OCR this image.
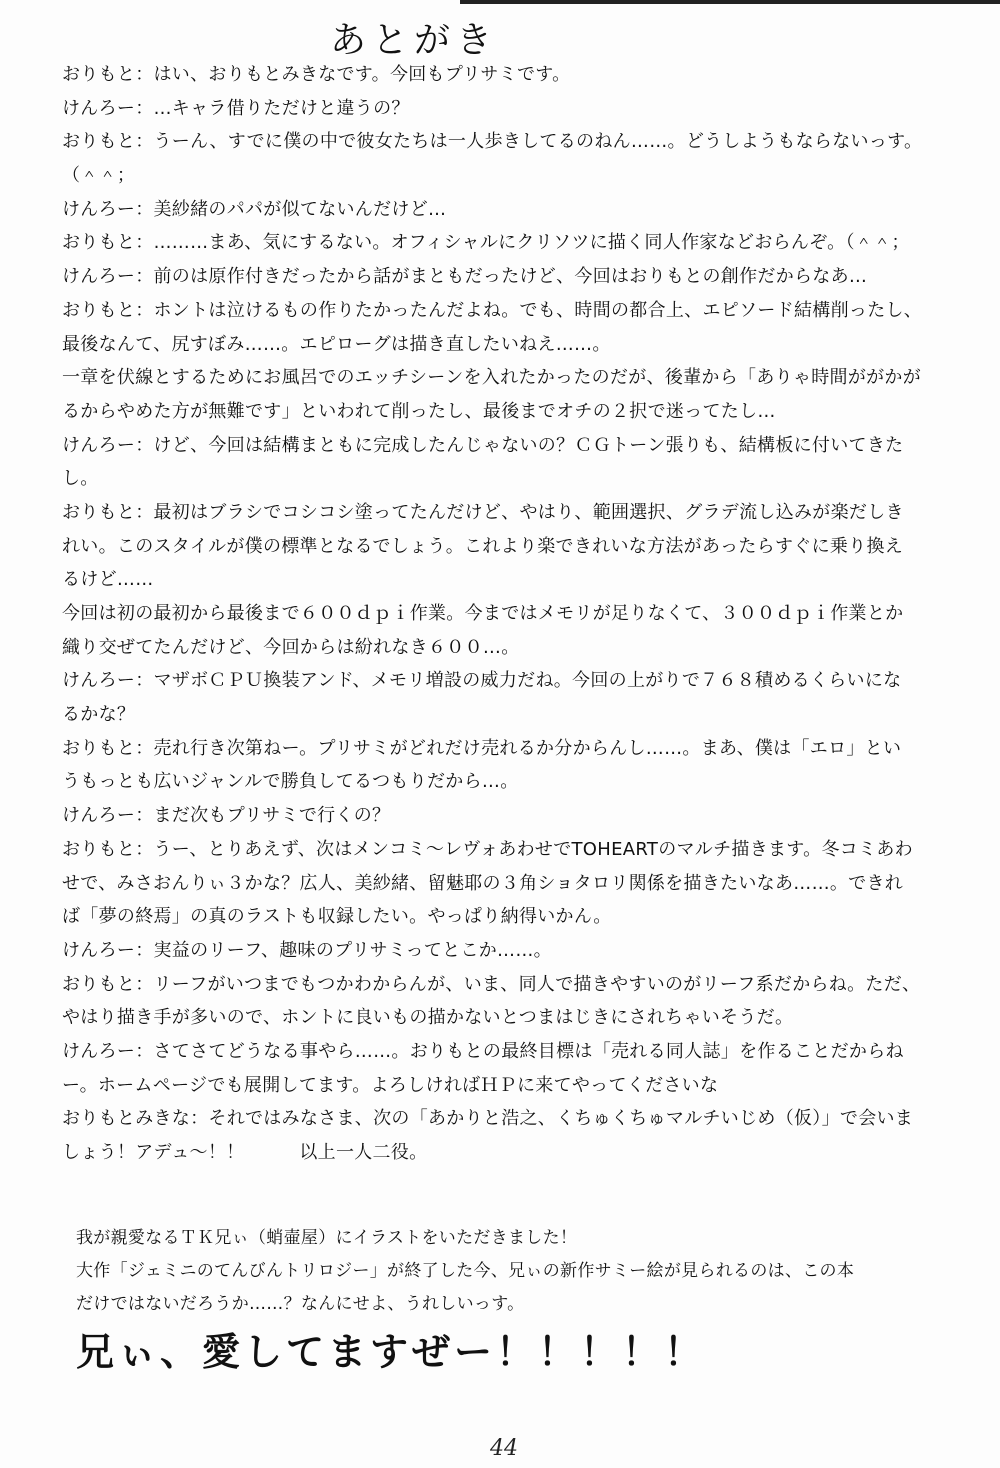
あとがき
おりもと：はい、おりもとみきなです。今回もプリサミです。
けんろー：…キャラ借りただけと違うの？
おりもと：うーん、すでに僕の中で彼女たちは一人歩きしてるのねん……。どうしようもならないっす。
（＾＾；
けんろー：美紗緒のパパが似てないんだけど…
おりもと：………まあ、気にするない。オフィシャルにクリソツに描く同人作家などおらんぞ。（＾＾；
けんろー：前のは原作付きだったから話がまともだったけど、今回はおりもとの創作だからなあ…
おりもと：ホントは泣けるもの作りたかったんだよね。でも、時間の都合上、エピソード結構削ったし、
最後なんて、尻すぼみ……。エピローグは描き直したいねえ……。
一章を伏線とするためにお風呂でのエッチシーンを入れたかったのだが、後輩から「ありゃ時間ががかが
るからやめた方が無難です」といわれて削ったし、最後までオチの２択で迷ってたし…
けんろー：けど、今回は結構まともに完成したんじゃないの？ＣＧトーン張りも、結構板に付いてきた
し。
おりもと：最初はブラシでコシコシ塗ってたんだけど、やはり、範囲選択、グラデ流し込みが楽だしき
れい。このスタイルが僕の標準となるでしょう。これより楽できれいな方法があったらすぐに乗り換え
るけど……
今回は初の最初から最後まで６００ｄｐｉ作業。今まではメモリが足りなくて、３００ｄｐｉ作業とか
織り交ぜてたんだけど、今回からは紛れなき６００…。
けんろー：マザボＣＰＵ換装アンド、メモリ増設の威力だね。今回の上がりで７６８積めるくらいにな
るかな？
おりもと：売れ行き次第ねー。プリサミがどれだけ売れるか分からんし……。まあ、僕は「エロ」とい
うもっとも広いジャンルで勝負してるつもりだから…。
けんろー：まだ次もプリサミで行くの？
おりもと：うー、とりあえず、次はメンコミ～レヴォあわせでTOHEARTのマルチ描きます。冬コミあわ
せで、みさおんりぃ３かな？広人、美紗緒、留魅耶の３角ショタロリ関係を描きたいなあ……。できれ
ば「夢の終焉」の真のラストも収録したい。やっぱり納得いかん。
けんろー：実益のリーフ、趣味のプリサミってとこか……。
おりもと：リーフがいつまでもつかわからんが、いま、同人で描きやすいのがリーフ系だからね。ただ、
やはり描き手が多いので、ホントに良いもの描かないとつまはじきにされちゃいそうだ。
けんろー：さてさてどうなる事やら……。おりもとの最終目標は「売れる同人誌」を作ることだからね
ー。ホームページでも展開してます。よろしければＨＰに来てやってくださいな
おりもとみきな：それではみなさま、次の「あかりと浩之、くちゅくちゅマルチいじめ（仮）」で会いま
しょう！アデュ～！！　　　以上一人二役。
我が親愛なるＴＫ兄ぃ（蛸壷屋）にイラストをいただきました！
大作「ジェミニのてんびんトリロジー」が終了した今、兄ぃの新作サミー絵が見られるのは、この本
だけではないだろうか……？なんにせよ、うれしいっす。
兄ぃ、愛してますぜー！！！！！
44
